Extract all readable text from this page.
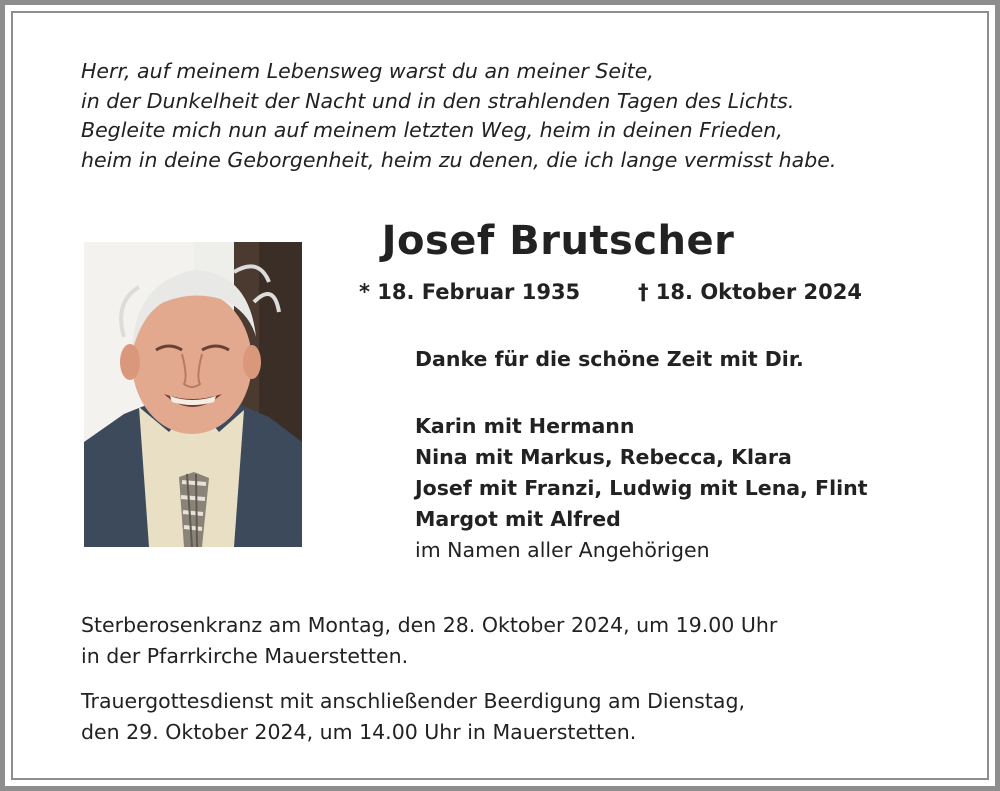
Herr, auf meinem Lebensweg warst du an meiner Seite,
in der Dunkelheit der Nacht und in den strahlenden Tagen des Lichts.
Begleite mich nun auf meinem letzten Weg, heim in deinen Frieden,
heim in deine Geborgenheit, heim zu denen, die ich lange vermisst habe.
Josef Brutscher
* 18. Februar 1935	† 18. Oktober 2024
Danke für die schöne Zeit mit Dir.
Karin mit Hermann
Nina mit Markus, Rebecca, Klara
Josef mit Franzi, Ludwig mit Lena, Flint
Margot mit Alfred
im Namen aller Angehörigen
Sterberosenkranz am Montag, den 28. Oktober 2024, um 19.00 Uhr
in der Pfarrkirche Mauerstetten.
Trauergottesdienst mit anschließender Beerdigung am Dienstag,
den 29. Oktober 2024, um 14.00 Uhr in Mauerstetten.
